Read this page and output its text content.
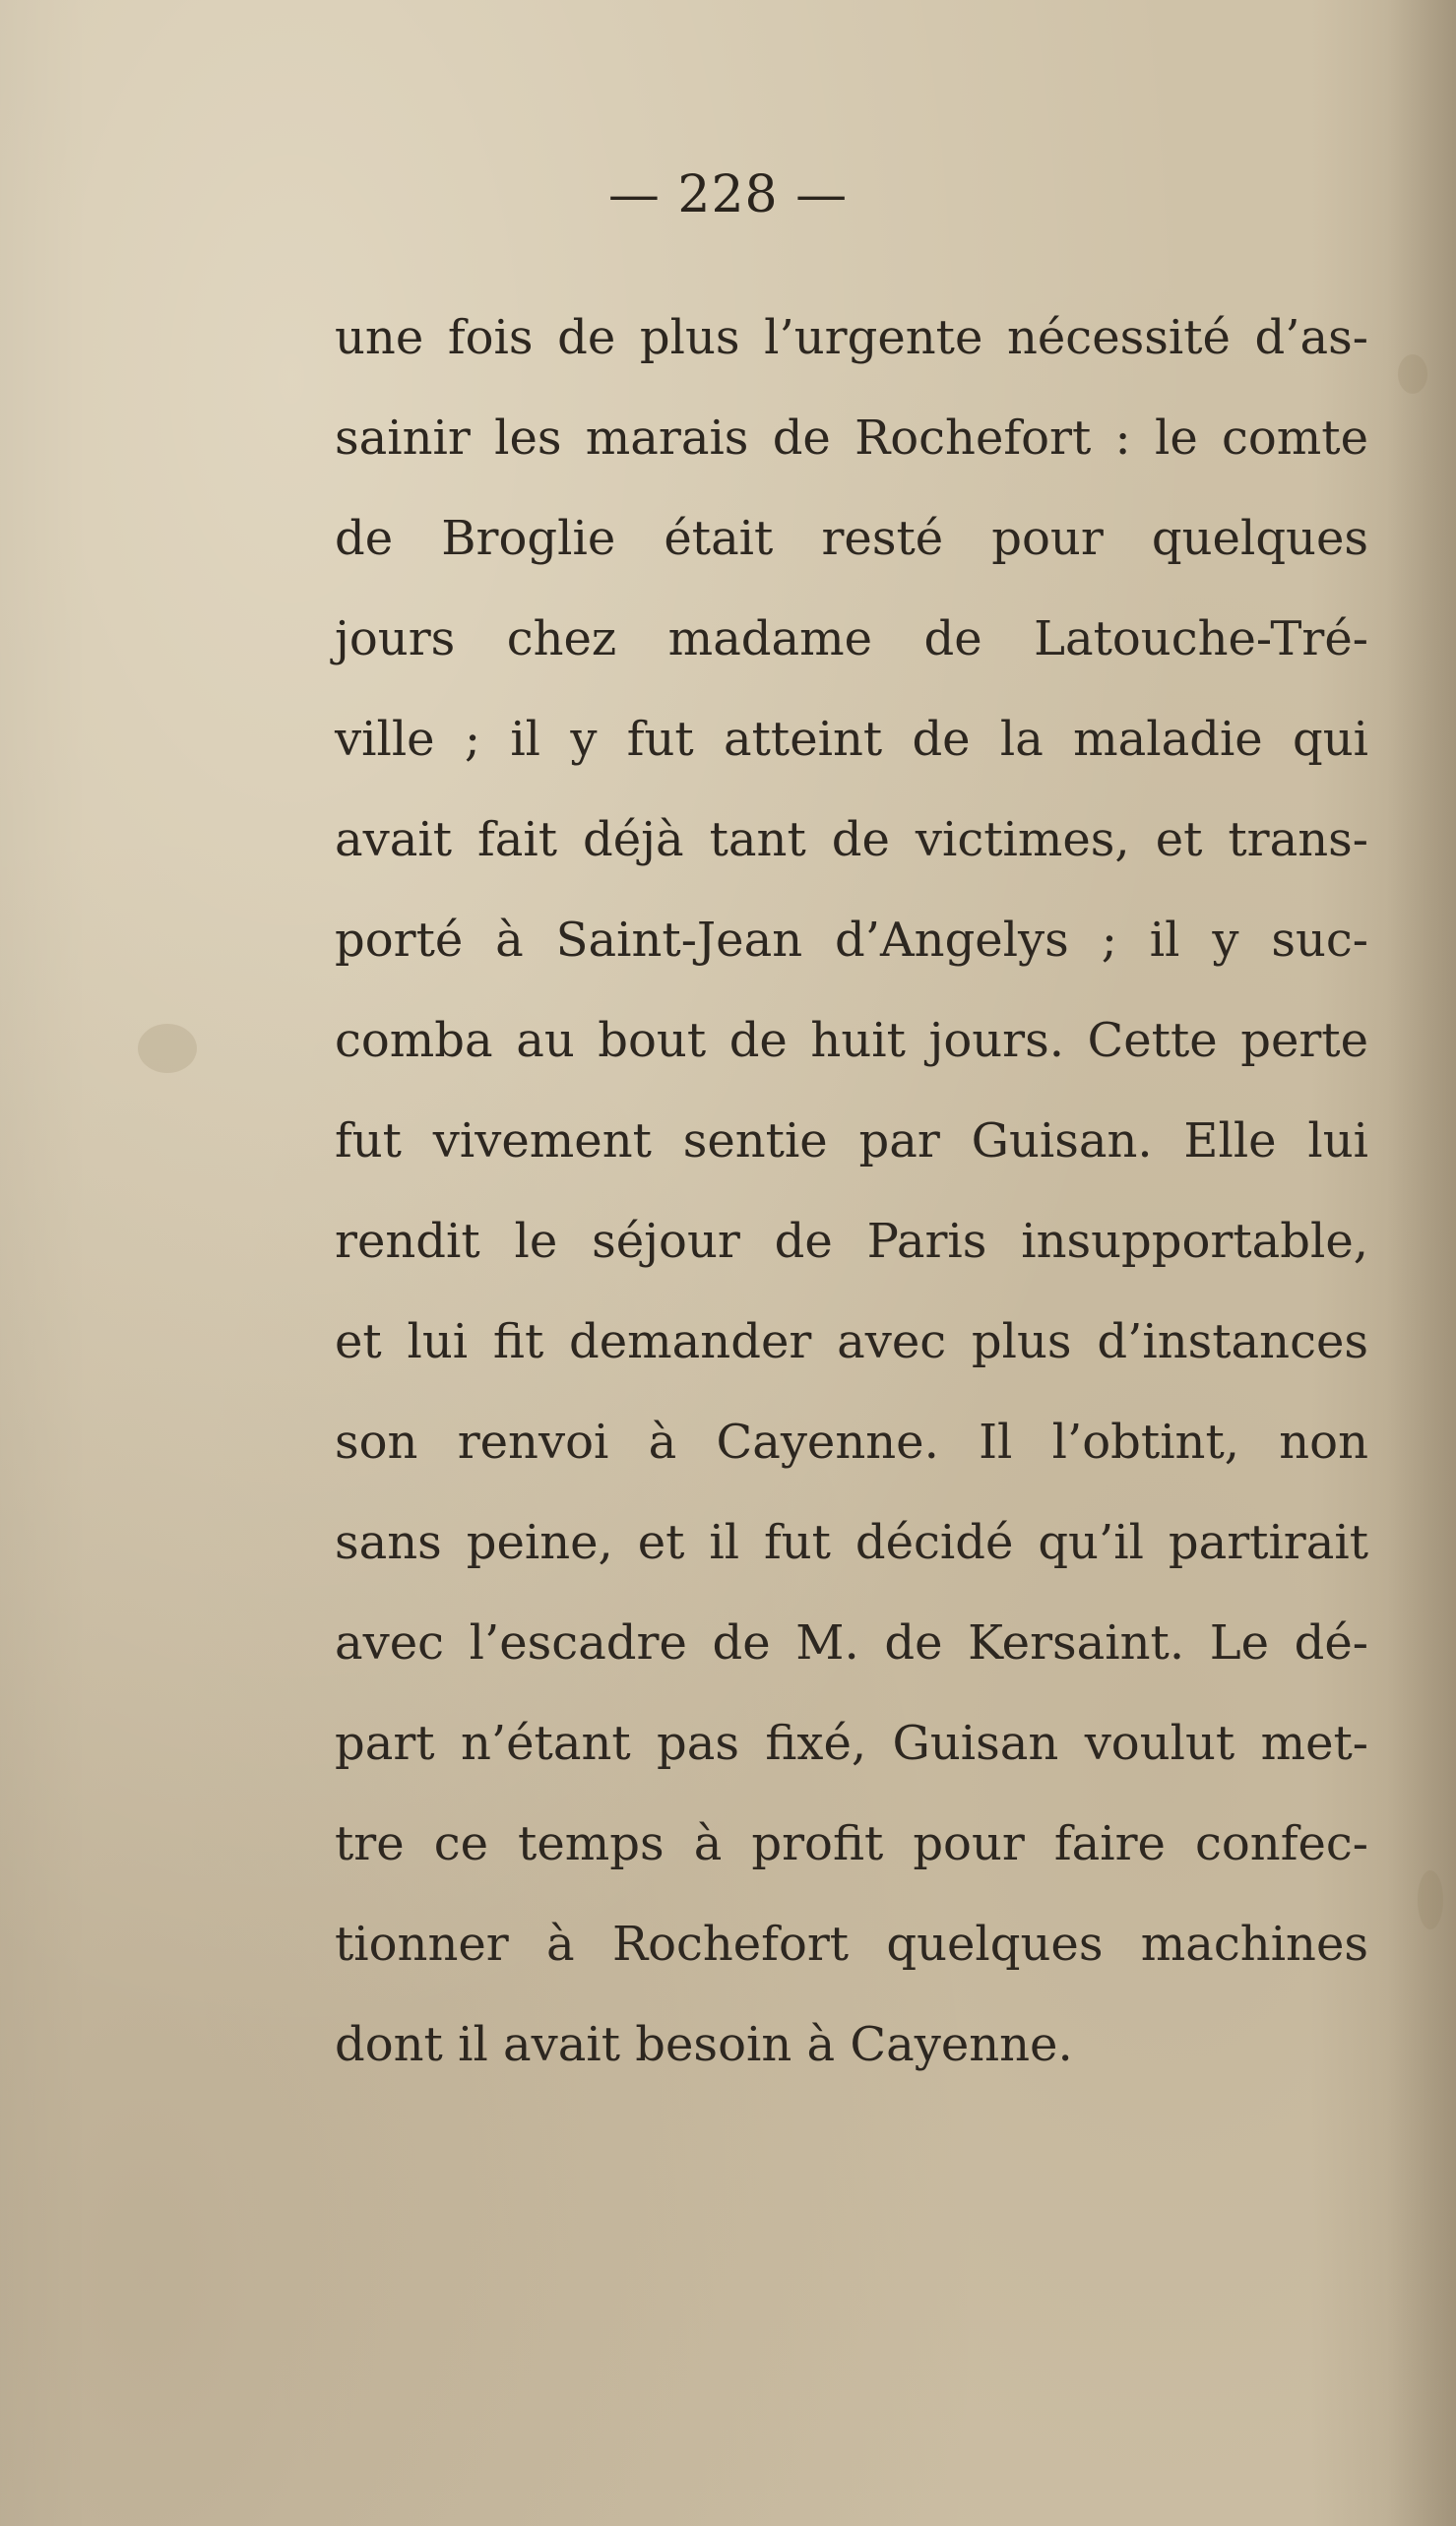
— 228 —
une fois de plus l’urgente nécessité d’as-
sainir les marais de Rochefort : le comte
de Broglie était resté pour quelques
jours chez madame de Latouche-Tré-
ville ; il y fut atteint de la maladie qui
avait fait déjà tant de victimes, et trans-
porté à Saint-Jean d’Angelys ; il y suc-
comba au bout de huit jours. Cette perte
fut vivement sentie par Guisan. Elle lui
rendit le séjour de Paris insupportable,
et lui fit demander avec plus d’instances
son renvoi à Cayenne. Il l’obtint, non
sans peine, et il fut décidé qu’il partirait
avec l’escadre de M. de Kersaint. Le dé-
part n’étant pas fixé, Guisan voulut met-
tre ce temps à profit pour faire confec-
tionner à Rochefort quelques machines
dont il avait besoin à Cayenne.
